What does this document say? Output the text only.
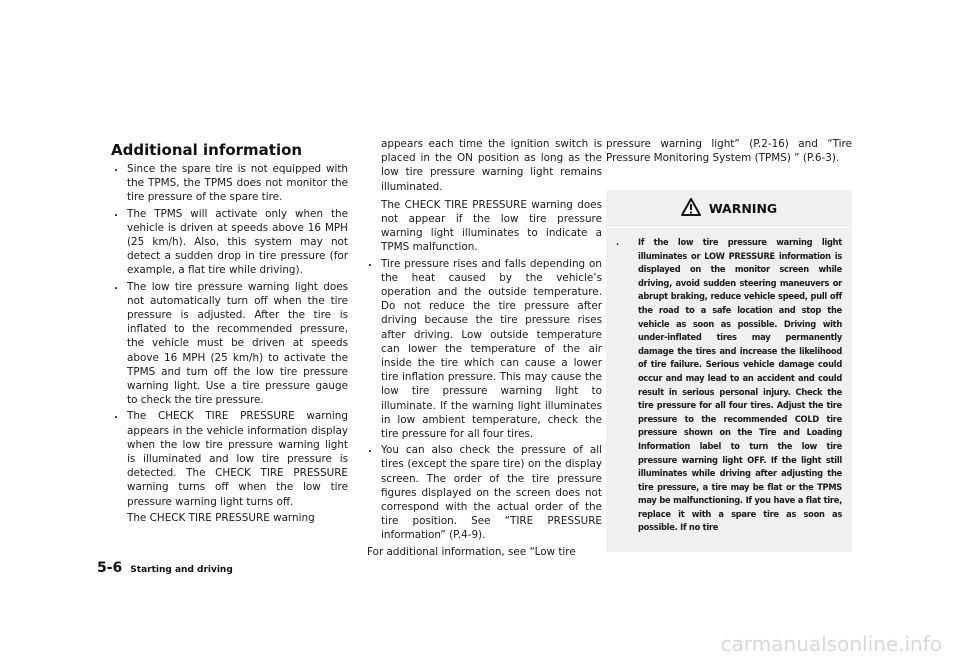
Additional information
. Since the spare tire is not equipped with the TPMS, the TPMS does not monitor the tire pressure of the spare tire.
. The TPMS will activate only when the vehicle is driven at speeds above 16 MPH (25 km/h). Also, this system may not detect a sudden drop in tire pressure (for example, a flat tire while driving).
. The low tire pressure warning light does not automatically turn off when the tire pressure is adjusted. After the tire is inflated to the recommended pressure, the vehicle must be driven at speeds above 16 MPH (25 km/h) to activate the TPMS and turn off the low tire pressure warning light. Use a tire pressure gauge to check the tire pressure.
. The CHECK TIRE PRESSURE warning appears in the vehicle information display when the low tire pressure warning light is illuminated and low tire pressure is detected. The CHECK TIRE PRESSURE warning turns off when the low tire pressure warning light turns off.

The CHECK TIRE PRESSURE warning

appears each time the ignition switch is placed in the ON position as long as the low tire pressure warning light remains illuminated.

The CHECK TIRE PRESSURE warning does not appear if the low tire pressure warning light illuminates to indicate a TPMS malfunction.

. Tire pressure rises and falls depending on the heat caused by the vehicle’s operation and the outside temperature. Do not reduce the tire pressure after driving because the tire pressure rises after driving. Low outside temperature can lower the temperature of the air inside the tire which can cause a lower tire inflation pressure. This may cause the low tire pressure warning light to illuminate. If the warning light illuminates in low ambient temperature, check the tire pressure for all four tires.
. You can also check the pressure of all tires (except the spare tire) on the display screen. The order of the tire pressure figures displayed on the screen does not correspond with the actual order of the tire position. See “TIRE PRESSURE information” (P.4-9).

For additional information, see “Low tire

pressure warning light” (P.2-16) and “Tire Pressure Monitoring System (TPMS) ” (P.6-3).

WARNING
. If the low tire pressure warning light illuminates or LOW PRESSURE information is displayed on the monitor screen while driving, avoid sudden steering maneuvers or abrupt braking, reduce vehicle speed, pull off the road to a safe location and stop the vehicle as soon as possible. Driving with under-inflated tires may permanently damage the tires and increase the likelihood of tire failure. Serious vehicle damage could occur and may lead to an accident and could result in serious personal injury. Check the tire pressure for all four tires. Adjust the tire pressure to the recommended COLD tire pressure shown on the Tire and Loading Information label to turn the low tire pressure warning light OFF. If the light still illuminates while driving after adjusting the tire pressure, a tire may be flat or the TPMS may be malfunctioning. If you have a flat tire, replace it with a spare tire as soon as possible. If no tire
5-6 Starting and driving
carmanualsonline.info
